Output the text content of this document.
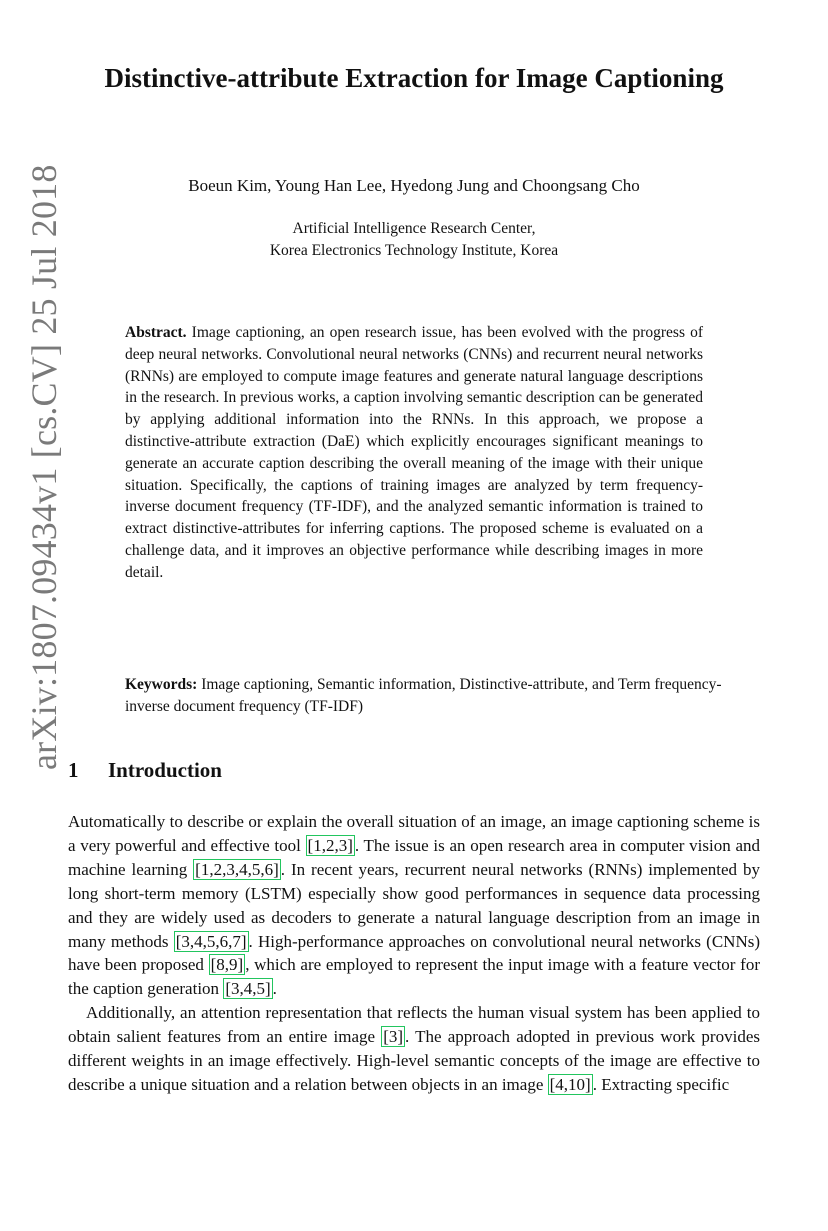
arXiv:1807.09434v1 [cs.CV] 25 Jul 2018
Distinctive-attribute Extraction for Image Captioning
Boeun Kim, Young Han Lee, Hyedong Jung and Choongsang Cho
Artificial Intelligence Research Center,
Korea Electronics Technology Institute, Korea
Abstract. Image captioning, an open research issue, has been evolved with the progress of deep neural networks. Convolutional neural networks (CNNs) and recurrent neural networks (RNNs) are employed to compute image features and generate natural language descriptions in the research. In previous works, a caption involving semantic description can be generated by applying additional information into the RNNs. In this approach, we propose a distinctive-attribute extraction (DaE) which explicitly encourages significant meanings to generate an accurate caption describing the overall meaning of the image with their unique situation. Specifically, the captions of training images are analyzed by term frequency-inverse document frequency (TF-IDF), and the analyzed semantic information is trained to extract distinctive-attributes for inferring captions. The proposed scheme is evaluated on a challenge data, and it improves an objective performance while describing images in more detail.
Keywords: Image captioning, Semantic information, Distinctive-attribute, and Term frequency-inverse document frequency (TF-IDF)
1 Introduction

Automatically to describe or explain the overall situation of an image, an image captioning scheme is a very powerful and effective tool [1,2,3] . The issue is an open research area in computer vision and machine learning [1,2,3,4,5,6] . In recent years, recurrent neural networks (RNNs) implemented by long short-term memory (LSTM) especially show good performances in sequence data processing and they are widely used as decoders to generate a natural language description from an image in many methods [3,4,5,6,7] . High-performance approaches on convolutional neural networks (CNNs) have been proposed [8,9] , which are employed to represent the input image with a feature vector for the caption generation [3,4,5] .

Additionally, an attention representation that reflects the human visual system has been applied to obtain salient features from an entire image [3] . The approach adopted in previous work provides different weights in an image effectively. High-level semantic concepts of the image are effective to describe a unique situation and a relation between objects in an image [4,10] . Extracting specific
